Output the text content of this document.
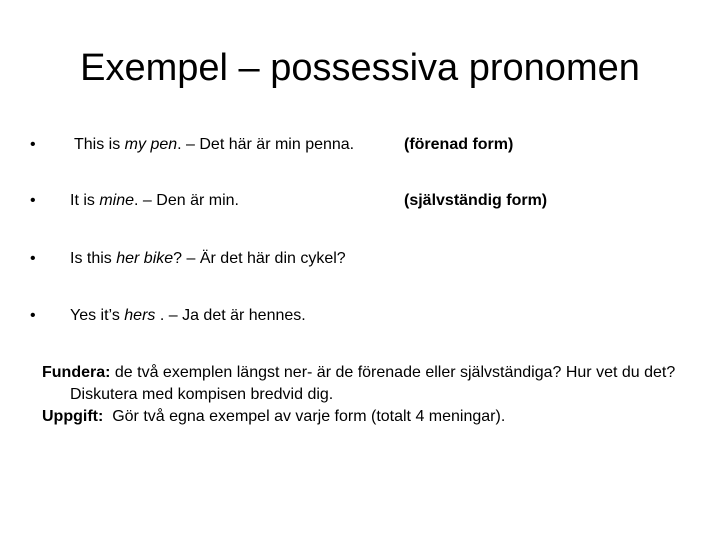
Exempel – possessiva pronomen
•	This is my pen. – Det här är min penna.	(förenad form)
•	It is mine. – Den är min.	(självständig form)
•	Is this her bike? – Är det här din cykel?
•	Yes it’s hers . – Ja det är hennes.

Fundera: de två exemplen längst ner- är de förenade eller självständiga? Hur vet du det? Diskutera med kompisen bredvid dig.

Uppgift:  Gör två egna exempel av varje form (totalt 4 meningar).
